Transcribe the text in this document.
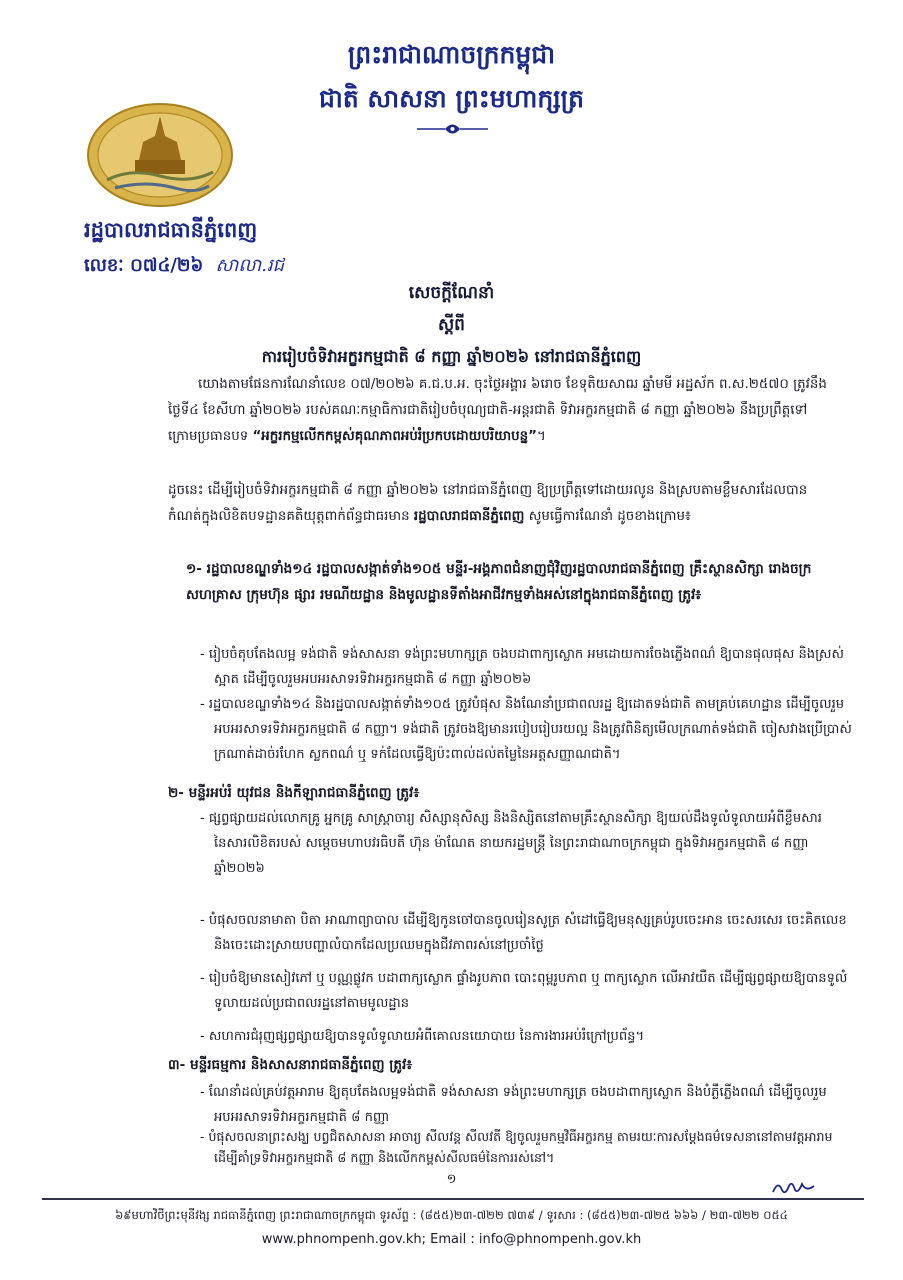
ព្រះរាជាណាចក្រកម្ពុជា
ជាតិ សាសនា ព្រះមហាក្សត្រ
រដ្ឋបាលរាជធានីភ្នំពេញ
លេខៈ ០៧៤/២៦ សាលា.រជ
សេចក្ដីណែនាំ
ស្ដីពី
ការរៀបចំទិវាអក្ខរកម្មជាតិ ៨ កញ្ញា ឆ្នាំ២០២៦ នៅរាជធានីភ្នំពេញ
យោងតាមផែនការណែនាំលេខ ០៧/២០២៦ គ.ជ.ប.អ. ចុះថ្ងៃអង្គារ ៦រោច ខែទុតិយសាឍ ឆ្នាំមមី អដ្ឋស័ក ព.ស.២៥៧០ ត្រូវនឹងថ្ងៃទី៤ ខែសីហា ឆ្នាំ២០២៦ របស់គណៈកម្មាធិការជាតិរៀបចំបុណ្យជាតិ-អន្តរជាតិ ទិវាអក្ខរកម្មជាតិ ៨ កញ្ញា ឆ្នាំ២០២៦ នឹងប្រព្រឹត្តទៅក្រោមប្រធានបទ “អក្ខរកម្មលើកកម្ពស់គុណភាពអប់រំប្រកបដោយបរិយាបន្ន”។
ដូចនេះ ដើម្បីរៀបចំទិវាអក្ខរកម្មជាតិ ៨ កញ្ញា ឆ្នាំ២០២៦ នៅរាជធានីភ្នំពេញ ឱ្យប្រព្រឹត្តទៅដោយរលូន និងស្របតាមខ្លឹមសារដែលបានកំណត់ក្នុងលិខិតបទដ្ឋានគតិយុត្តពាក់ព័ន្ធជាធរមាន រដ្ឋបាលរាជធានីភ្នំពេញ សូមធ្វើការណែនាំ ដូចខាងក្រោម៖
១- រដ្ឋបាលខណ្ឌទាំង១៤ រដ្ឋបាលសង្កាត់ទាំង១០៥ មន្ទីរ-អង្គភាពជំនាញជុំវិញរដ្ឋបាលរាជធានីភ្នំពេញ គ្រឹះស្ថានសិក្សា រោងចក្រ សហគ្រាស ក្រុមហ៊ុន ផ្សារ រមណីយដ្ឋាន និងមូលដ្ឋានទីតាំងអាជីវកម្មទាំងអស់នៅក្នុងរាជធានីភ្នំពេញ ត្រូវ៖
- រៀបចំតុបតែងលម្អ ទង់ជាតិ ទង់សាសនា ទង់ព្រះមហាក្សត្រ ចងបដាពាក្យស្លោក អមដោយការចែងភ្លើងពណ៌ ឱ្យបានផុលផុស និងស្រស់ស្អាត ដើម្បីចូលរួមអបអរសាទរទិវាអក្ខរកម្មជាតិ ៨ កញ្ញា ឆ្នាំ២០២៦
- រដ្ឋបាលខណ្ឌទាំង១៤ និងរដ្ឋបាលសង្កាត់ទាំង១០៥ ត្រូវបំផុស និងណែនាំប្រជាពលរដ្ឋ ឱ្យដោតទង់ជាតិ តាមគ្រប់គេហដ្ឋាន ដើម្បីចូលរួមអបអរសាទរទិវាអក្ខរកម្មជាតិ ៨ កញ្ញា។ ទង់ជាតិ ត្រូវចងឱ្យមានរបៀបរៀបរយល្អ និងត្រូវពិនិត្យមើលក្រណាត់ទង់ជាតិ ចៀសវាងប្រើប្រាស់ក្រណាត់ដាច់រហែក ស្លកពណ៌ ឬ ទក់ដែលធ្វើឱ្យប៉ះពាល់ដល់តម្លៃនៃអត្តសញ្ញាណជាតិ។
២- មន្ទីរអប់រំ យុវជន និងកីឡារាជធានីភ្នំពេញ ត្រូវ៖
- ផ្សព្វផ្សាយដល់លោកគ្រូ អ្នកគ្រូ សាស្ត្រាចារ្យ សិស្សានុសិស្ស និងនិស្សិតនៅតាមគ្រឹះស្ថានសិក្សា ឱ្យយល់ដឹងទូលំទូលាយអំពីខ្លឹមសារនៃសារលិខិតរបស់ សម្ដេចមហាបវរធិបតី ហ៊ុន ម៉ាណែត នាយករដ្ឋមន្ត្រី នៃព្រះរាជាណាចក្រកម្ពុជា ក្នុងទិវាអក្ខរកម្មជាតិ ៨ កញ្ញា ឆ្នាំ២០២៦
- បំផុសចលនាមាតា បិតា អាណាព្យាបាល ដើម្បីឱ្យកូនចៅបានចូលរៀនសូត្រ សំដៅធ្វើឱ្យមនុស្សគ្រប់រូបចេះអាន ចេះសរសេរ ចេះគិតលេខ និងចេះដោះស្រាយបញ្ហាលំបាកដែលប្រឈមក្នុងជីវភាពរស់នៅប្រចាំថ្ងៃ
- រៀបចំឱ្យមានសៀវភៅ ឬ បណ្ណផ្លូវក បដាពាក្យស្លោក ផ្ទាំងរូបភាព បោះពុម្ពរូបភាព ឬ ពាក្យស្លោក លើអាវយឺត ដើម្បីផ្សព្វផ្សាយឱ្យបានទូលំទូលាយដល់ប្រជាពលរដ្ឋនៅតាមមូលដ្ឋាន
- សហការជំរុញផ្សព្វផ្សាយឱ្យបានទូលំទូលាយអំពីគោលនយោបាយ នៃការងារអប់រំក្រៅប្រព័ន្ធ។
៣- មន្ទីរធម្មការ និងសាសនារាជធានីភ្នំពេញ ត្រូវ៖
- ណែនាំដល់គ្រប់វត្តអារាម ឱ្យតុបតែងលម្អទង់ជាតិ ទង់សាសនា ទង់ព្រះមហាក្សត្រ ចងបដាពាក្យស្លោក និងបំភ្លឺភ្លើងពណ៌ ដើម្បីចូលរួមអបអរសាទរទិវាអក្ខរកម្មជាតិ ៨ កញ្ញា
- បំផុសចលនាព្រះសង្ឃ បព្វជិតសាសនា អាចារ្យ សីលវន្ត សីលវតី ឱ្យចូលរួមកម្មវិធីអក្ខរកម្ម តាមរយៈការសម្ដែងធម៌ទេសនានៅតាមវត្តអារាម ដើម្បីគាំទ្រទិវាអក្ខរកម្មជាតិ ៨ កញ្ញា និងលើកកម្ពស់សីលធម៌នៃការរស់នៅ។
១
៦៩មហាវិថីព្រះមុនីវង្ស រាជធានីភ្នំពេញ ព្រះរាជាណាចក្រកម្ពុជា ទូរស័ព្ទ : (៨៥៥)២៣-៧២២ ៧៣៩ / ទូរសារ : (៨៥៥)២៣-៧២៥ ៦៦៦ / ២៣-៧២២ ០៥៤
www.phnompenh.gov.kh; Email : info@phnompenh.gov.kh
